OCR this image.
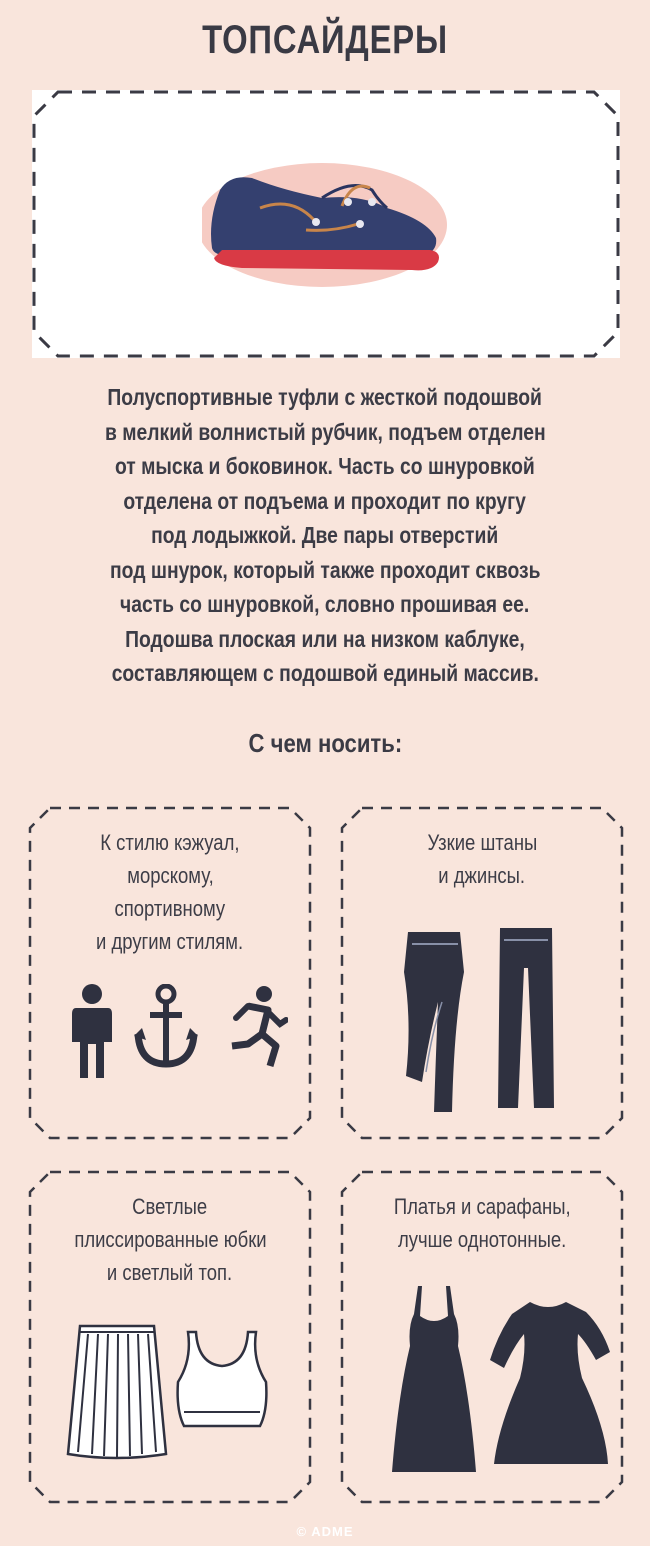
ТОПСАЙДЕРЫ
Полуспортивные туфли с жесткой подошвой
в мелкий волнистый рубчик, подъем отделен
от мыска и боковинок. Часть со шнуровкой
отделена от подъема и проходит по кругу
под лодыжкой. Две пары отверстий
под шнурок, который также проходит сквозь
часть со шнуровкой, словно прошивая ее.
Подошва плоская или на низком каблуке,
составляющем с подошвой единый массив.
С чем носить:
К стилю кэжуал,
морскому,
спортивному
и другим стилям.
Узкие штаны
и джинсы.
Светлые
плиссированные юбки
и светлый топ.
Платья и сарафаны,
лучше однотонные.
© ADME
